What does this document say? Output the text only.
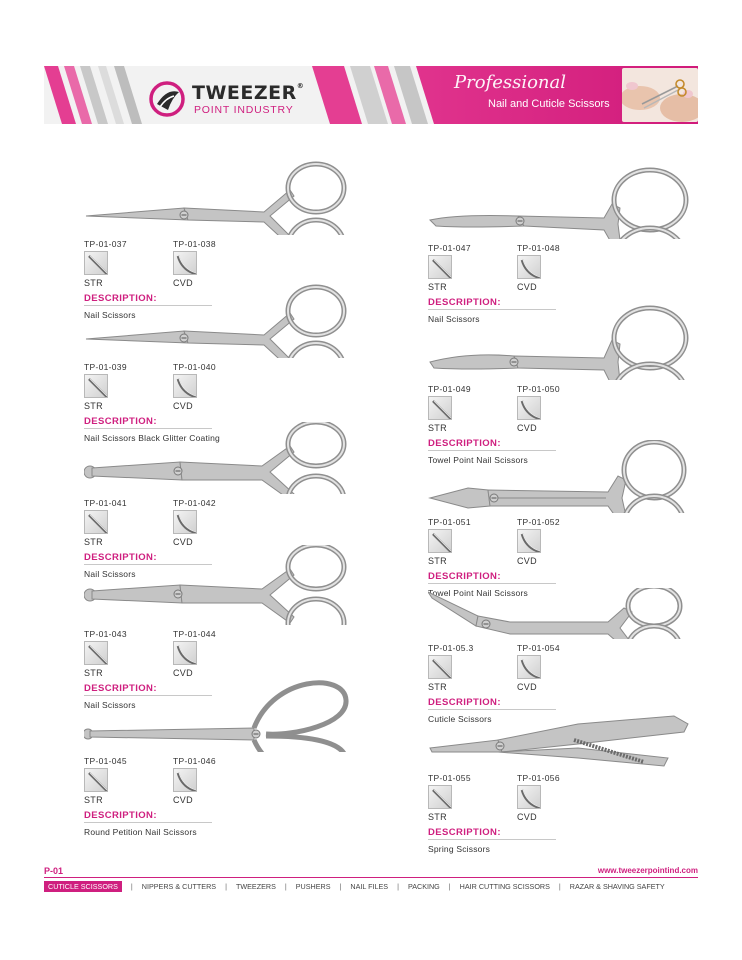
TWEEZER®
POINT INDUSTRY
Professional
Nail and Cuticle Scissors
TP-01-037	TP-01-038
STR	CVD
DESCRIPTION:
Nail Scissors
TP-01-039	TP-01-040
STR	CVD
DESCRIPTION:
Nail Scissors Black Glitter Coating
TP-01-041	TP-01-042
STR	CVD
DESCRIPTION:
Nail Scissors
TP-01-043	TP-01-044
STR	CVD
DESCRIPTION:
Nail Scissors
TP-01-045	TP-01-046
STR	CVD
DESCRIPTION:
Round Petition Nail Scissors
TP-01-047	TP-01-048
STR	CVD
DESCRIPTION:
Nail Scissors
TP-01-049	TP-01-050
STR	CVD
DESCRIPTION:
Towel Point Nail Scissors
TP-01-051	TP-01-052
STR	CVD
DESCRIPTION:
Towel Point Nail Scissors
TP-01-05.3	TP-01-054
STR	CVD
DESCRIPTION:
Cuticle Scissors
TP-01-055	TP-01-056
STR	CVD
DESCRIPTION:
Spring Scissors
P-01	www.tweezerpointind.com
CUTICLE SCISSORS	| NIPPERS & CUTTERS | TWEEZERS | PUSHERS | NAIL FILES | PACKING | HAIR CUTTING SCISSORS | RAZAR & SHAVING SAFETY
